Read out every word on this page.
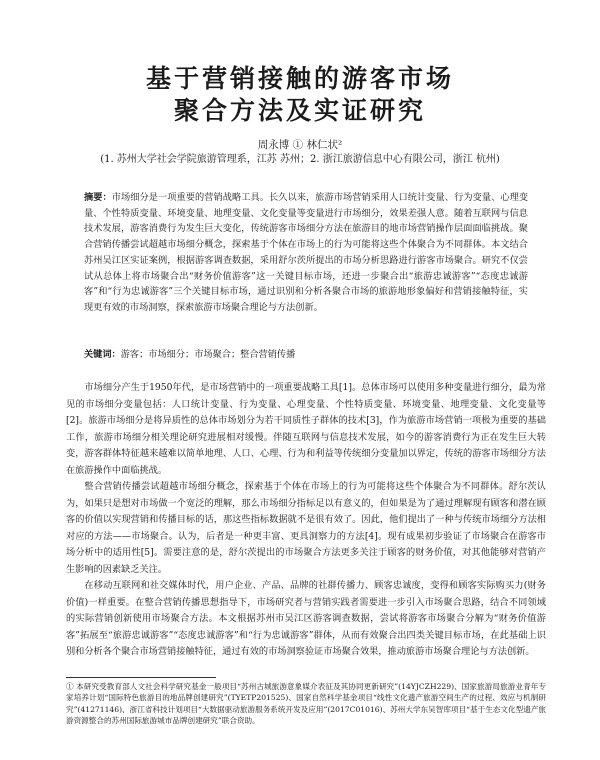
基于营销接触的游客市场
聚合方法及实证研究
周永博 ① 林仁状²
(1. 苏州大学社会学院旅游管理系，江苏 苏州；2. 浙江旅游信息中心有限公司，浙江 杭州)

摘要：市场细分是一项重要的营销战略工具。长久以来，旅游市场营销采用人口统计变量、行为变量、心理变量、个性特质变量、环境变量、地理变量、文化变量等变量进行市场细分，效果差强人意。随着互联网与信息技术发展，游客消费行为发生巨大变化，传统游客市场细分方法在旅游目的地市场营销操作层面面临挑战。聚合营销传播尝试超越市场细分概念，探索基于个体在市场上的行为可能将这些个体聚合为不同群体。本文结合苏州吴江区实证案例，根据游客调查数据，采用舒尔茨所提出的市场分析思路进行游客市场聚合。研究不仅尝试从总体上将市场聚合出“财务价值游客”这一关键目标市场，还进一步聚合出“旅游忠诚游客”“态度忠诚游客”和“行为忠诚游客”三个关键目标市场，通过识别和分析各聚合市场的旅游地形象偏好和营销接触特征，实现更有效的市场洞察，探索旅游市场聚合理论与方法创新。

关键词：游客；市场细分；市场聚合；整合营销传播

市场细分产生于1950年代，是市场营销中的一项重要战略工具[1]。总体市场可以使用多种变量进行细分，最为常见的市场细分变量包括：人口统计变量、行为变量、心理变量、个性特质变量、环境变量、地理变量、文化变量等[2]。旅游市场细分是将异质性的总体市场划分为若干同质性子群体的技术[3]，作为旅游市场营销一项极为重要的基础工作，旅游市场细分相关理论研究进展相对缓慢。伴随互联网与信息技术发展，如今的游客消费行为正在发生巨大转变，游客群体特征越来越难以简单地理、人口、心理、行为和利益等传统细分变量加以界定，传统的游客市场细分方法在旅游操作中面临挑战。

整合营销传播尝试超越市场细分概念，探索基于个体在市场上的行为可能将这些个体聚合为不同群体。舒尔茨认为，如果只是想对市场做一个宽泛的理解，那么市场细分指标足以有意义的，但如果是为了通过理解现有顾客和潜在顾客的价值以实现营销和传播目标的话，那这些指标数据就不是很有效了。因此，他们提出了一种与传统市场细分方法相对应的方法——市场聚合。认为，后者是一种更丰富、更具洞察力的方法[4]。现有成果初步验证了市场聚合在游客市场分析中的适用性[5]。需要注意的是，舒尔茨提出的市场聚合方法更多关注于顾客的财务价值，对其他能够对营销产生影响的因素缺乏关注。

在移动互联网和社交媒体时代，用户企业、产品、品牌的社群传播力、顾客忠诚度，变得和顾客实际购买力(财务价值)一样重要。在整合营销传播思想指导下，市场研究者与营销实践者需要进一步引入市场聚合思路，结合不同领域的实际营销创新使用市场聚合方法。本文根据苏州市吴江区游客调查数据，尝试将游客市场聚合分解为“财务价值游客”拓展至“旅游忠诚游客”“态度忠诚游客”和“行为忠诚游客”群体，从而有效聚合出四类关键目标市场，在此基础上识别和分析各个聚合市场营销接触特征，通过有效的市场洞察验证市场聚合效果，推动旅游市场聚合理论与方法创新。

① 本研究受教育部人文社会科学研究基金一般项目“苏州古城旅游意象媒介表征及其协同更新研究”(14YJCZH229)、国家旅游局旅游业青年专家培养计划“国际特色旅游目的地品牌创建研究”(TYETP201525)、国家自然科学基金项目“线性文化遗产旅游空间生产的过程、效应与机制研究”(41271146)、浙江省科技计划项目“大数据驱动旅游服务系统开发及应用”(2017C01016)、苏州大学东吴智库项目“基于生态文化型遗产旅游资源整合的苏州国际旅游城市品牌创建研究”联合资助。
